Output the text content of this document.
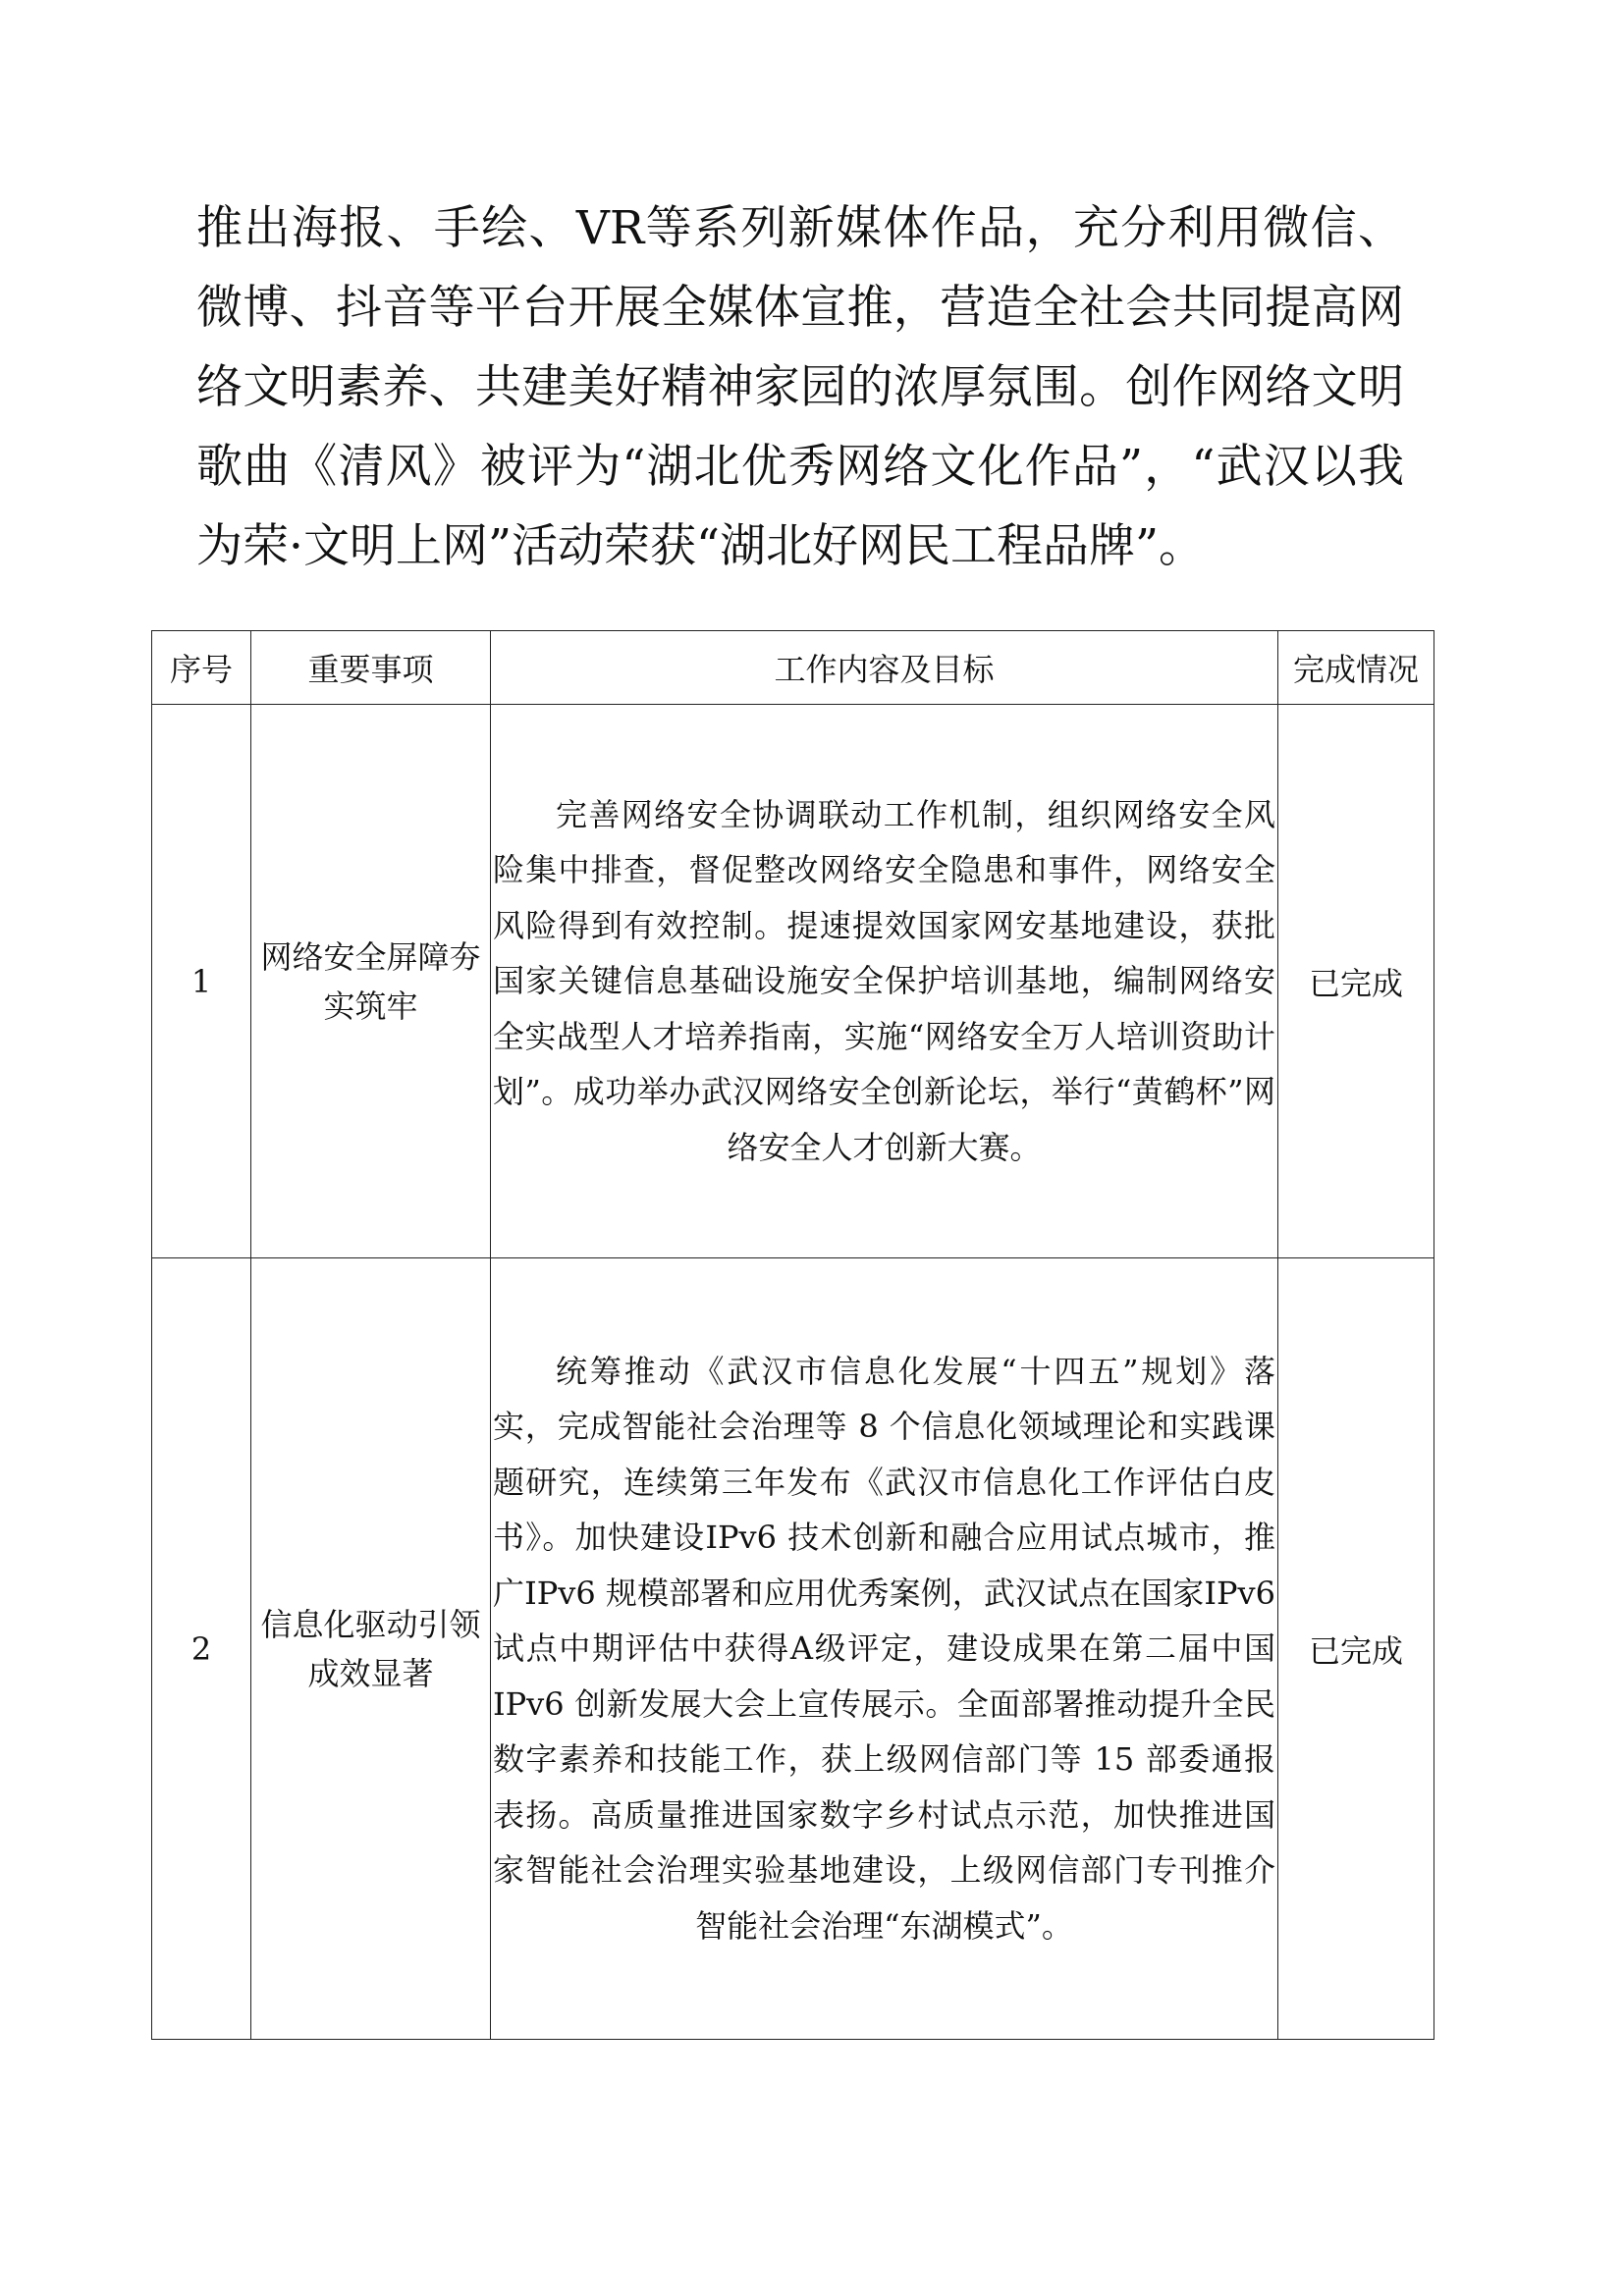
推出海报、手绘、VR等系列新媒体作品，充分利用微信、微博、抖音等平台开展全媒体宣推，营造全社会共同提高网络文明素养、共建美好精神家园的浓厚氛围。创作网络文明歌曲《清风》被评为“湖北优秀网络文化作品”，“武汉以我为荣·文明上网”活动荣获“湖北好网民工程品牌”。

序号	重要事项	工作内容及目标	完成情况
1	网络安全屏障夯实筑牢	完善网络安全协调联动工作机制，组织网络安全风险集中排查，督促整改网络安全隐患和事件，网络安全风险得到有效控制。提速提效国家网安基地建设，获批国家关键信息基础设施安全保护培训基地，编制网络安全实战型人才培养指南，实施“网络安全万人培训资助计划”。成功举办武汉网络安全创新论坛，举行“黄鹤杯”网络安全人才创新大赛。	已完成
2	信息化驱动引领成效显著	统筹推动《武汉市信息化发展“十四五”规划》落实，完成智能社会治理等 8 个信息化领域理论和实践课题研究，连续第三年发布《武汉市信息化工作评估白皮书》。加快建设IPv6 技术创新和融合应用试点城市，推广IPv6 规模部署和应用优秀案例，武汉试点在国家IPv6 试点中期评估中获得A级评定，建设成果在第二届中国IPv6 创新发展大会上宣传展示。全面部署推动提升全民数字素养和技能工作，获上级网信部门等 15 部委通报表扬。高质量推进国家数字乡村试点示范，加快推进国家智能社会治理实验基地建设，上级网信部门专刊推介智能社会治理“东湖模式”。	已完成
